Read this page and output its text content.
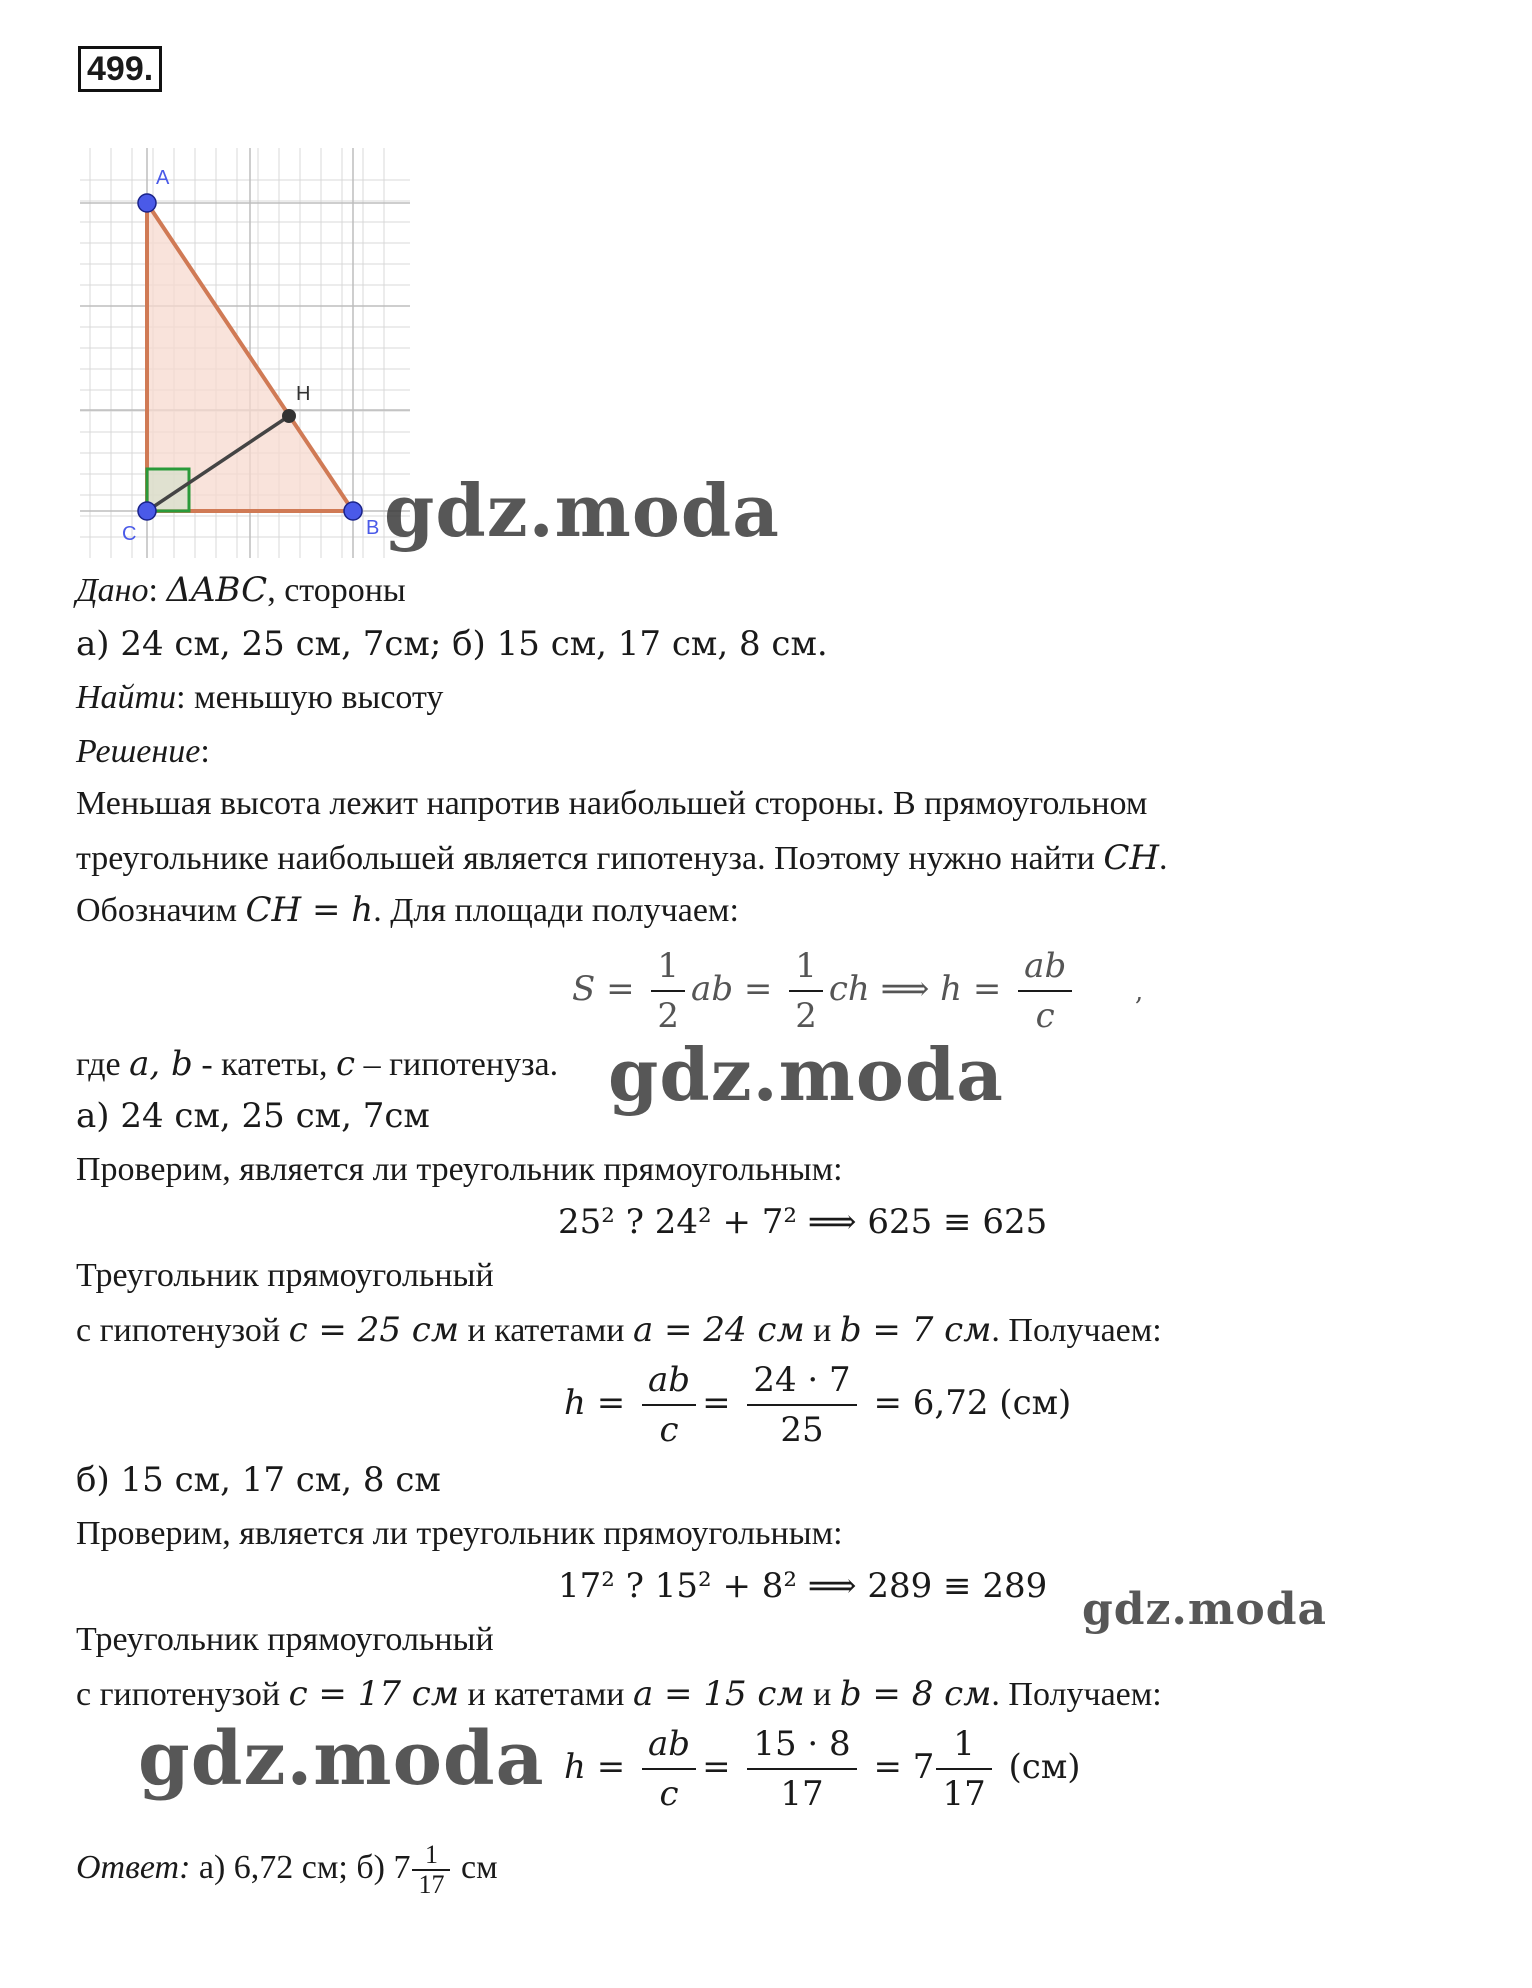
499.
A
H
C	B gdz.moda
gdz.moda
gdz.moda
gdz.moda
Дано: ΔABC, стороны
а) 24 см, 25 см, 7см; б) 15 см, 17 см, 8 см.
Найти: меньшую высоту
Решение:
Меньшая высота лежит напротив наибольшей стороны. В прямоугольном
треугольнике наибольшей является гипотенуза. Поэтому нужно найти CH.
Обозначим CH = h. Для площади получаем:
$S = \frac{1}{2}$ ab = $\frac{1}{2}$ ch ⟹ $h = \frac{ab}{c}$ ,
где a, b - катеты, c – гипотенуза.
а) 24 см, 25 см, 7см
Проверим, является ли треугольник прямоугольным:
25² ? 24² + 7² ⟹ 625 ≡ 625
Треугольник прямоугольный
с гипотенузой c = 25 см и катетами a = 24 см и b = 7 см. Получаем:
$h = \frac{ab}{c} = \frac{24 \cdot 7}{25} = 6,72$ (см)
б) 15 см, 17 см, 8 см
Проверим, является ли треугольник прямоугольным:
17² ? 15² + 8² ⟹ 289 ≡ 289
Треугольник прямоугольный
с гипотенузой c = 17 см и катетами a = 15 см и b = 8 см. Получаем:
$h = \frac{ab}{c} = \frac{15 \cdot 8}{17} = 7 \frac{1}{17} (см)$
Ответ: а) 6,72 см; б) $7 \frac{1}{17}$ см
